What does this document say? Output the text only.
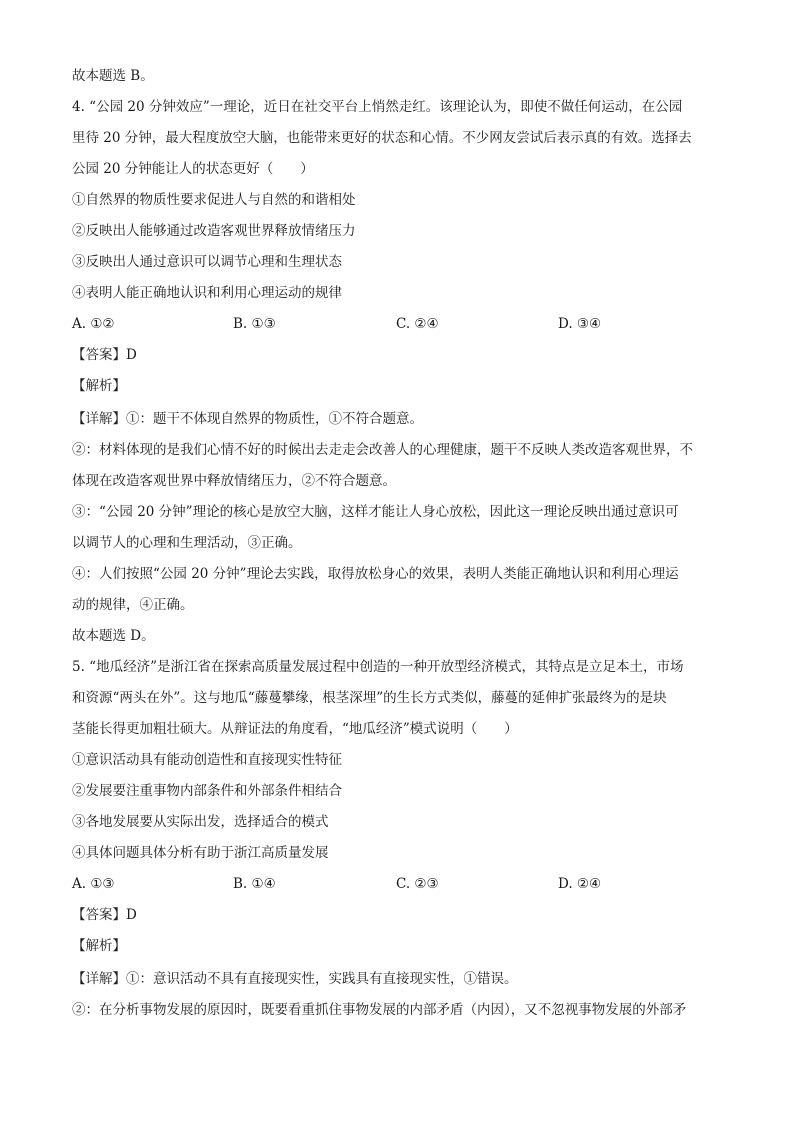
故本题选 B。
4. “公园 20 分钟效应”一理论，近日在社交平台上悄然走红。该理论认为，即使不做任何运动，在公园
里待 20 分钟，最大程度放空大脑，也能带来更好的状态和心情。不少网友尝试后表示真的有效。选择去
公园 20 分钟能让人的状态更好（　　）
①自然界的物质性要求促进人与自然的和谐相处
②反映出人能够通过改造客观世界释放情绪压力
③反映出人通过意识可以调节心理和生理状态
④表明人能正确地认识和利用心理运动的规律
A. ①②	B. ①③	C. ②④	D. ③④
【答案】D
【解析】
【详解】①：题干不体现自然界的物质性，①不符合题意。
②：材料体现的是我们心情不好的时候出去走走会改善人的心理健康，题干不反映人类改造客观世界，不
体现在改造客观世界中释放情绪压力，②不符合题意。
③：“公园 20 分钟”理论的核心是放空大脑，这样才能让人身心放松，因此这一理论反映出通过意识可
以调节人的心理和生理活动，③正确。
④：人们按照“公园 20 分钟”理论去实践，取得放松身心的效果，表明人类能正确地认识和利用心理运
动的规律，④正确。
故本题选 D。
5. “地瓜经济”是浙江省在探索高质量发展过程中创造的一种开放型经济模式，其特点是立足本土，市场
和资源“两头在外”。这与地瓜“藤蔓攀缘，根茎深埋”的生长方式类似，藤蔓的延伸扩张最终为的是块
茎能长得更加粗壮硕大。从辩证法的角度看，“地瓜经济”模式说明（　　）
①意识活动具有能动创造性和直接现实性特征
②发展要注重事物内部条件和外部条件相结合
③各地发展要从实际出发，选择适合的模式
④具体问题具体分析有助于浙江高质量发展
A. ①③	B. ①④	C. ②③	D. ②④
【答案】D
【解析】
【详解】①：意识活动不具有直接现实性，实践具有直接现实性，①错误。
②：在分析事物发展的原因时，既要看重抓住事物发展的内部矛盾（内因），又不忽视事物发展的外部矛
